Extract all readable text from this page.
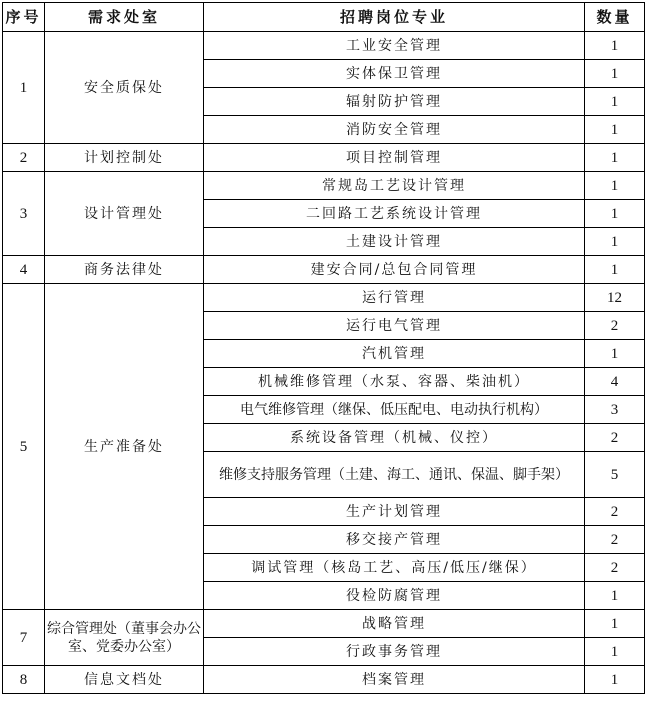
序号	需求处室	招聘岗位专业	数量
1	安全质保处	工业安全管理	1
		实体保卫管理	1
		辐射防护管理	1
		消防安全管理	1
2	计划控制处	项目控制管理	1
3	设计管理处	常规岛工艺设计管理	1
		二回路工艺系统设计管理	1
		土建设计管理	1
4	商务法律处	建安合同/总包合同管理	1
5	生产准备处	运行管理	12
		运行电气管理	2
		汽机管理	1
		机械维修管理（水泵、容器、柴油机）	4
		电气维修管理（继保、低压配电、电动执行机构）	3
		系统设备管理（机械、仪控）	2
		维修支持服务管理（土建、海工、通讯、保温、脚手架）	5
		生产计划管理	2
		移交接产管理	2
		调试管理（核岛工艺、高压/低压/继保）	2
		役检防腐管理	1
7	综合管理处（董事会办公室、党委办公室）	战略管理	1
		行政事务管理	1
8	信息文档处	档案管理	1
